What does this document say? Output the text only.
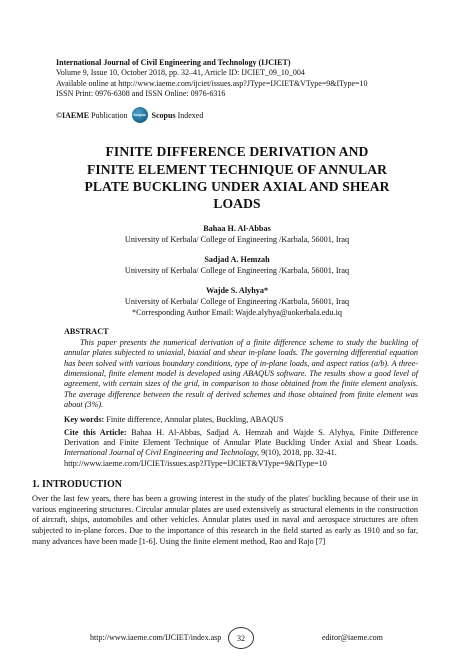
International Journal of Civil Engineering and Technology (IJCIET)
Volume 9, Issue 10, October 2018, pp. 32–41, Article ID: IJCIET_09_10_004
Available online at http://www.iaeme.com/ijciet/issues.asp?JType=IJCIET&VType=9&IType=10
ISSN Print: 0976-6308 and ISSN Online: 0976-6316
©IAEME
Publication Scopus Scopus
Indexed
FINITE DIFFERENCE DERIVATION AND
FINITE ELEMENT TECHNIQUE OF ANNULAR
PLATE BUCKLING UNDER AXIAL AND SHEAR
LOADS
Bahaa H. Al-Abbas
University of Kerbala/ College of Engineering /Karbala, 56001, Iraq
Sadjad A. Hemzah
University of Kerbala/ College of Engineering /Karbala, 56001, Iraq
Wajde S. Alyhya*
University of Kerbala/ College of Engineering /Karbala, 56001, Iraq
*Corresponding Author Email: Wajde.alyhya@uokerbala.edu.iq
ABSTRACT
This paper presents the numerical derivation of a finite difference scheme to study the buckling of annular plates subjected to uniaxial, biaxial and shear in-plane loads. The governing differential equation has been solved with various boundary conditions, type of in-plane loads, and aspect ratios (a/b). A three-dimensional, finite element model is developed using ABAQUS software. The results show a good level of agreement, with certain sizes of the grid, in comparison to those obtained from the finite element analysis. The average difference between the result of derived schemes and those obtained from finite element was about (3%).
Key words: Finite difference, Annular plates, Buckling, ABAQUS
Cite this Article: Bahaa H. Al-Abbas, Sadjad A. Hemzah and Wajde S. Alyhya, Finite Difference Derivation and Finite Element Technique of Annular Plate Buckling Under Axial and Shear Loads. International Journal of Civil Engineering and Technology, 9(10), 2018, pp. 32-41.
http://www.iaeme.com/IJCIET/issues.asp?JType=IJCIET&VType=9&IType=10
1. INTRODUCTION
Over the last few years, there has been a growing interest in the study of the plates' buckling because of their use in various engineering structures. Circular annular plates are used extensively as structural elements in the construction of aircraft, ships, automobiles and other vehicles. Annular plates used in naval and aerospace structures are often subjected to in-plane forces. Due to the importance of this research in the field started as early as 1910 and so far, many advances have been made [1-6]. Using the finite element method, Rao and Rajo [7]
http://www.iaeme.com/IJCIET/index.asp 32	editor@iaeme.com
